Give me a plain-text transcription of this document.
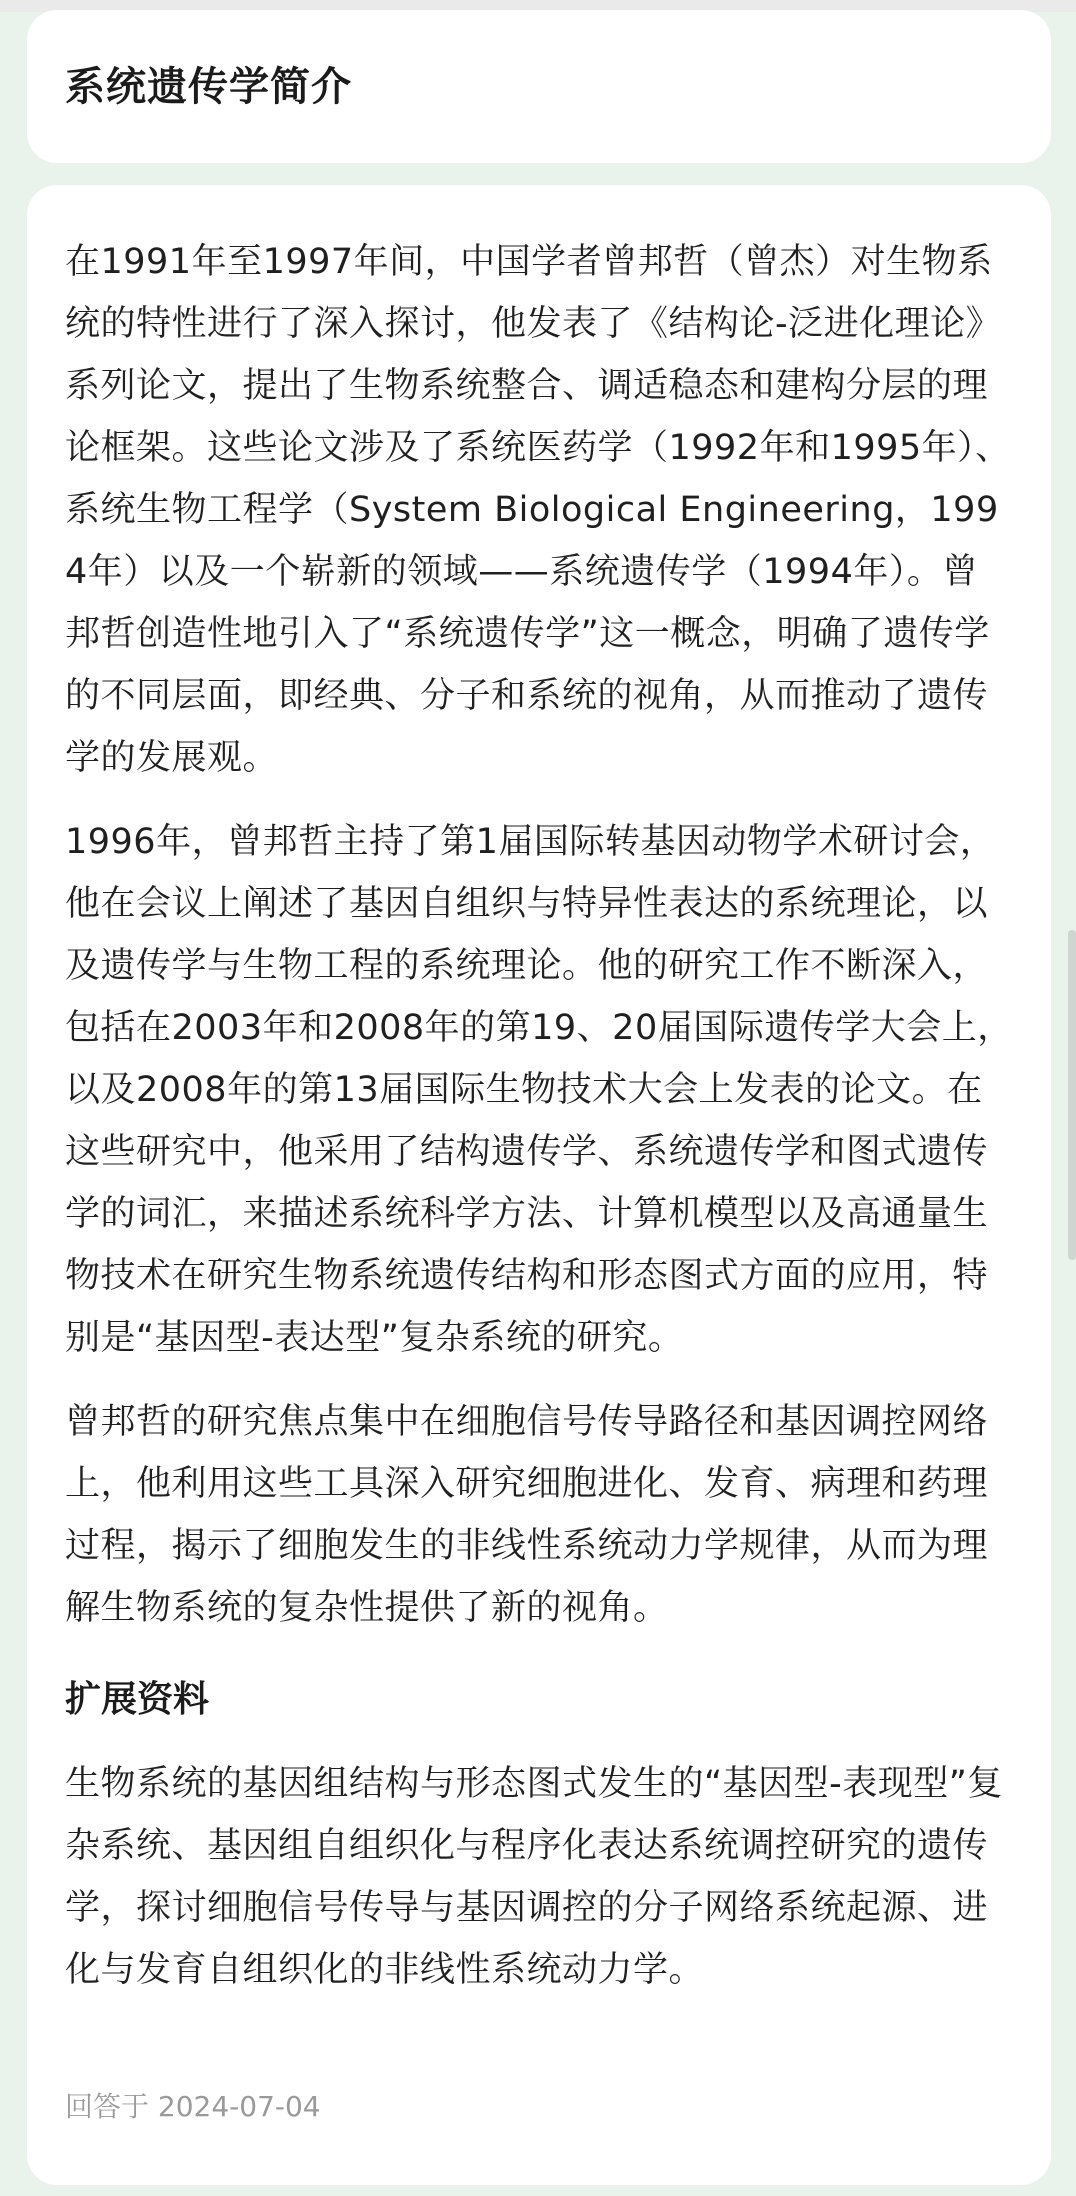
系统遗传学简介

在1991年至1997年间，中国学者曾邦哲（曾杰）对生物系统的特性进行了深入探讨，他发表了《结构论-泛进化理论》系列论文，提出了生物系统整合、调适稳态和建构分层的理论框架。这些论文涉及了系统医药学（1992年和1995年）、系统生物工程学（System Biological Engineering，1994年）以及一个崭新的领域——系统遗传学（1994年）。曾邦哲创造性地引入了“系统遗传学”这一概念，明确了遗传学的不同层面，即经典、分子和系统的视角，从而推动了遗传学的发展观。

1996年，曾邦哲主持了第1届国际转基因动物学术研讨会，他在会议上阐述了基因自组织与特异性表达的系统理论，以及遗传学与生物工程的系统理论。他的研究工作不断深入，包括在2003年和2008年的第19、20届国际遗传学大会上，以及2008年的第13届国际生物技术大会上发表的论文。在这些研究中，他采用了结构遗传学、系统遗传学和图式遗传学的词汇，来描述系统科学方法、计算机模型以及高通量生物技术在研究生物系统遗传结构和形态图式方面的应用，特别是“基因型-表达型”复杂系统的研究。

曾邦哲的研究焦点集中在细胞信号传导路径和基因调控网络上，他利用这些工具深入研究细胞进化、发育、病理和药理过程，揭示了细胞发生的非线性系统动力学规律，从而为理解生物系统的复杂性提供了新的视角。

扩展资料

生物系统的基因组结构与形态图式发生的“基因型-表现型”复杂系统、基因组自组织化与程序化表达系统调控研究的遗传学，探讨细胞信号传导与基因调控的分子网络系统起源、进化与发育自组织化的非线性系统动力学。

回答于 2024-07-04
